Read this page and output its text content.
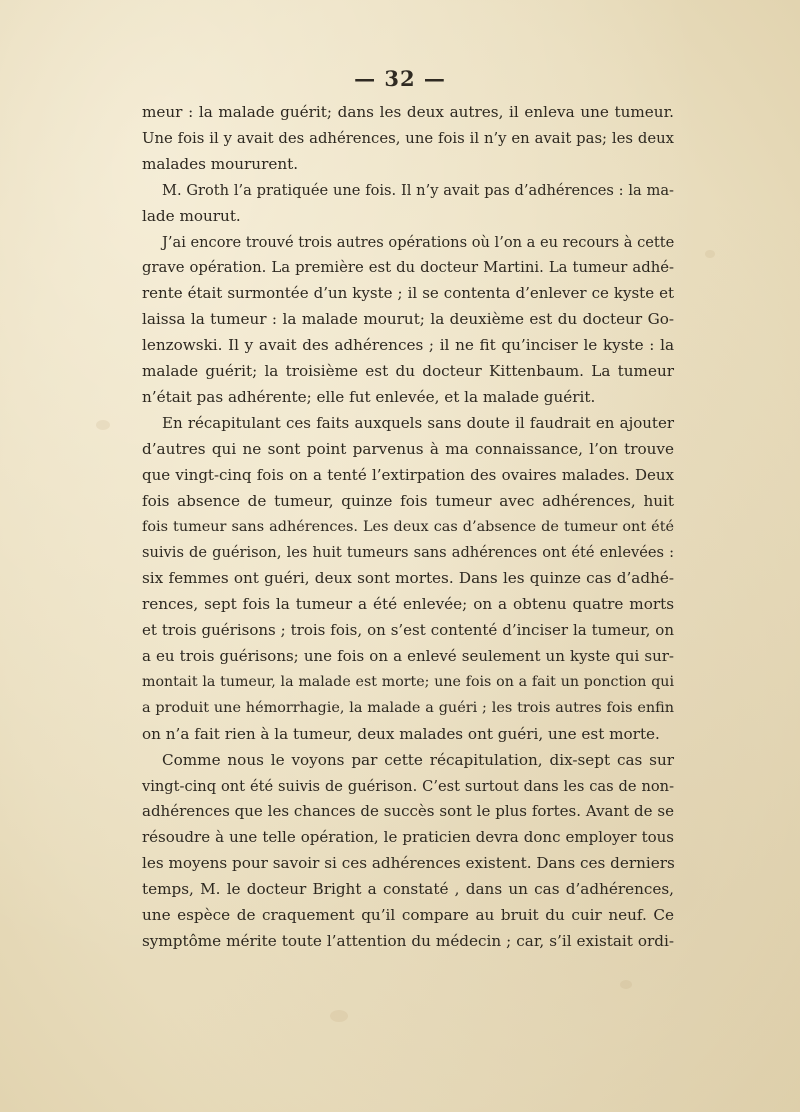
— 32 —
meur : la malade guérit; dans les deux autres, il enleva une tumeur.
Une fois il y avait des adhérences, une fois il n’y en avait pas; les deux
malades moururent.
M. Groth l’a pratiquée une fois. Il n’y avait pas d’adhérences : la ma-
lade mourut.
J’ai encore trouvé trois autres opérations où l’on a eu recours à cette
grave opération. La première est du docteur Martini. La tumeur adhé-
rente était surmontée d’un kyste ; il se contenta d’enlever ce kyste et
laissa la tumeur : la malade mourut; la deuxième est du docteur Go-
lenzowski. Il y avait des adhérences ; il ne fit qu’inciser le kyste : la
malade guérit; la troisième est du docteur Kittenbaum. La tumeur
n’était pas adhérente; elle fut enlevée, et la malade guérit.
En récapitulant ces faits auxquels sans doute il faudrait en ajouter
d’autres qui ne sont point parvenus à ma connaissance, l’on trouve
que vingt-cinq fois on a tenté l’extirpation des ovaires malades. Deux
fois absence de tumeur, quinze fois tumeur avec adhérences, huit
fois tumeur sans adhérences. Les deux cas d’absence de tumeur ont été
suivis de guérison, les huit tumeurs sans adhérences ont été enlevées :
six femmes ont guéri, deux sont mortes. Dans les quinze cas d’adhé-
rences, sept fois la tumeur a été enlevée; on a obtenu quatre morts
et trois guérisons ; trois fois, on s’est contenté d’inciser la tumeur, on
a eu trois guérisons; une fois on a enlevé seulement un kyste qui sur-
montait la tumeur, la malade est morte; une fois on a fait un ponction qui
a produit une hémorrhagie, la malade a guéri ; les trois autres fois enfin
on n’a fait rien à la tumeur, deux malades ont guéri, une est morte.
Comme nous le voyons par cette récapitulation, dix-sept cas sur
vingt-cinq ont été suivis de guérison. C’est surtout dans les cas de non-
adhérences que les chances de succès sont le plus fortes. Avant de se
résoudre à une telle opération, le praticien devra donc employer tous
les moyens pour savoir si ces adhérences existent. Dans ces derniers
temps, M. le docteur Bright a constaté , dans un cas d’adhérences,
une espèce de craquement qu’il compare au bruit du cuir neuf. Ce
symptôme mérite toute l’attention du médecin ; car, s’il existait ordi-
